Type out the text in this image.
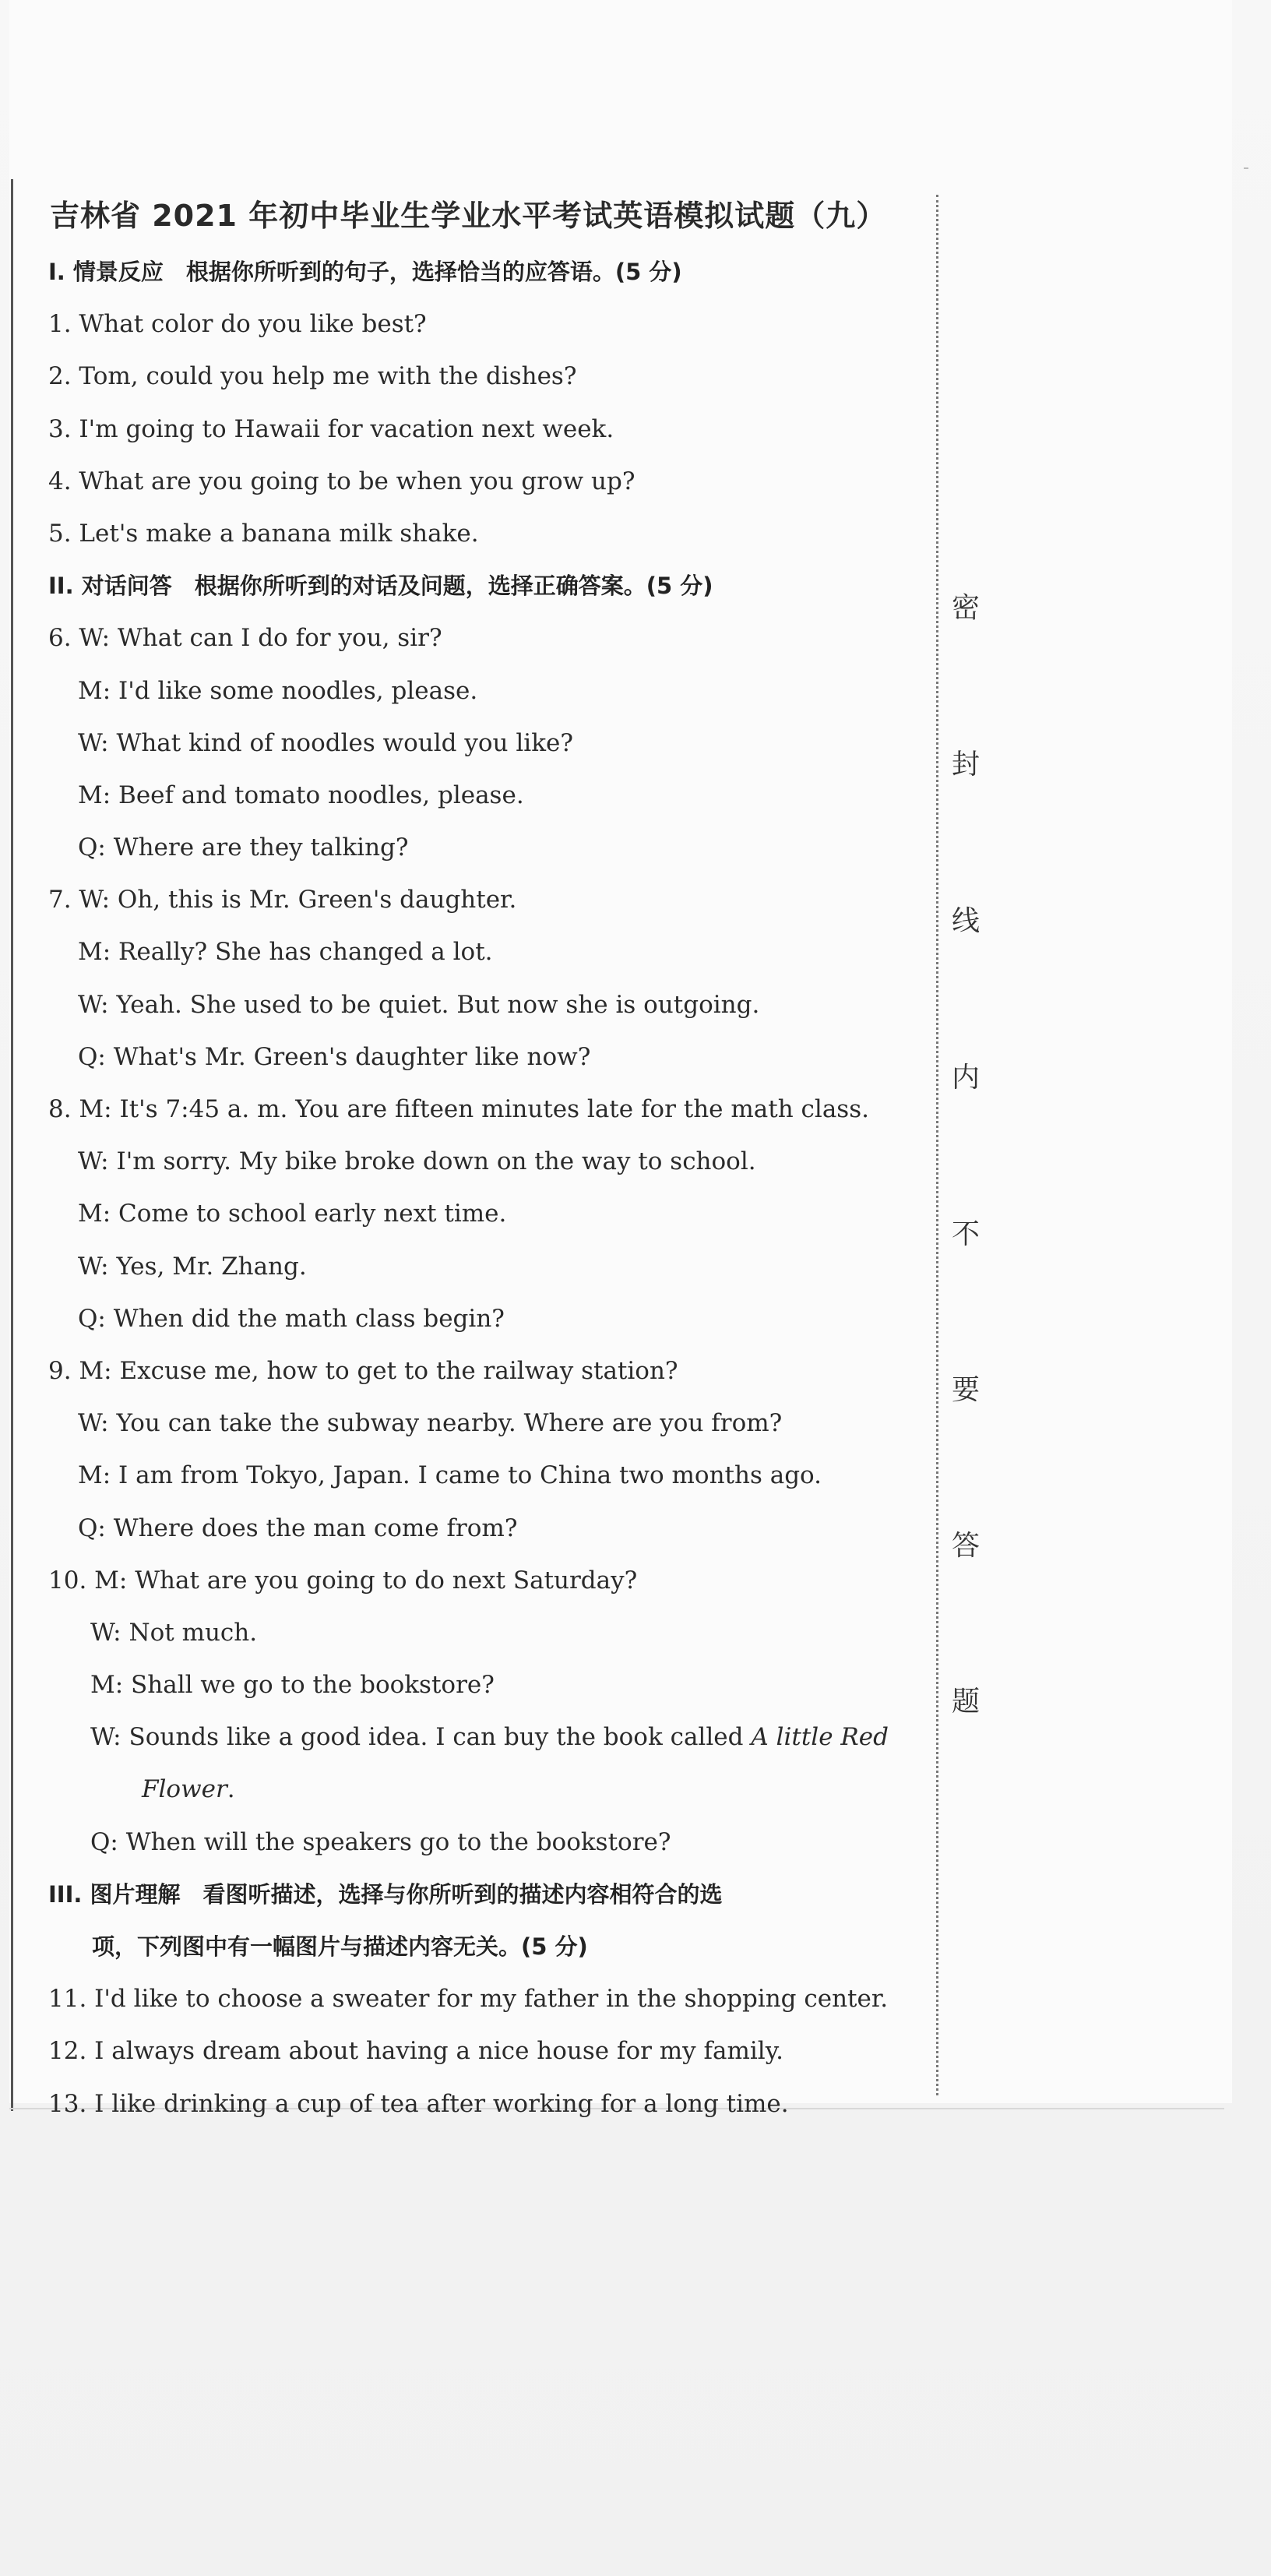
密
封
线
内
不
要
答
题
吉林省 2021 年初中毕业生学业水平考试英语模拟试题（九）
I. 情景反应　根据你所听到的句子，选择恰当的应答语。(5 分)
1. What color do you like best?
2. Tom, could you help me with the dishes?
3. I'm going to Hawaii for vacation next week.
4. What are you going to be when you grow up?
5. Let's make a banana milk shake.
II. 对话问答　根据你所听到的对话及问题，选择正确答案。(5 分)
6. W: What can I do for you, sir?
M: I'd like some noodles, please.
W: What kind of noodles would you like?
M: Beef and tomato noodles, please.
Q: Where are they talking?
7. W: Oh, this is Mr. Green's daughter.
M: Really? She has changed a lot.
W: Yeah. She used to be quiet. But now she is outgoing.
Q: What's Mr. Green's daughter like now?
8. M: It's 7:45 a. m. You are fifteen minutes late for the math class.
W: I'm sorry. My bike broke down on the way to school.
M: Come to school early next time.
W: Yes, Mr. Zhang.
Q: When did the math class begin?
9. M: Excuse me, how to get to the railway station?
W: You can take the subway nearby. Where are you from?
M: I am from Tokyo, Japan. I came to China two months ago.
Q: Where does the man come from?
10. M: What are you going to do next Saturday?
W: Not much.
M: Shall we go to the bookstore?
W: Sounds like a good idea. I can buy the book called A little Red
Flower.
Q: When will the speakers go to the bookstore?
III. 图片理解　看图听描述，选择与你所听到的描述内容相符合的选
项，下列图中有一幅图片与描述内容无关。(5 分)
11. I'd like to choose a sweater for my father in the shopping center.
12. I always dream about having a nice house for my family.
13. I like drinking a cup of tea after working for a long time.
